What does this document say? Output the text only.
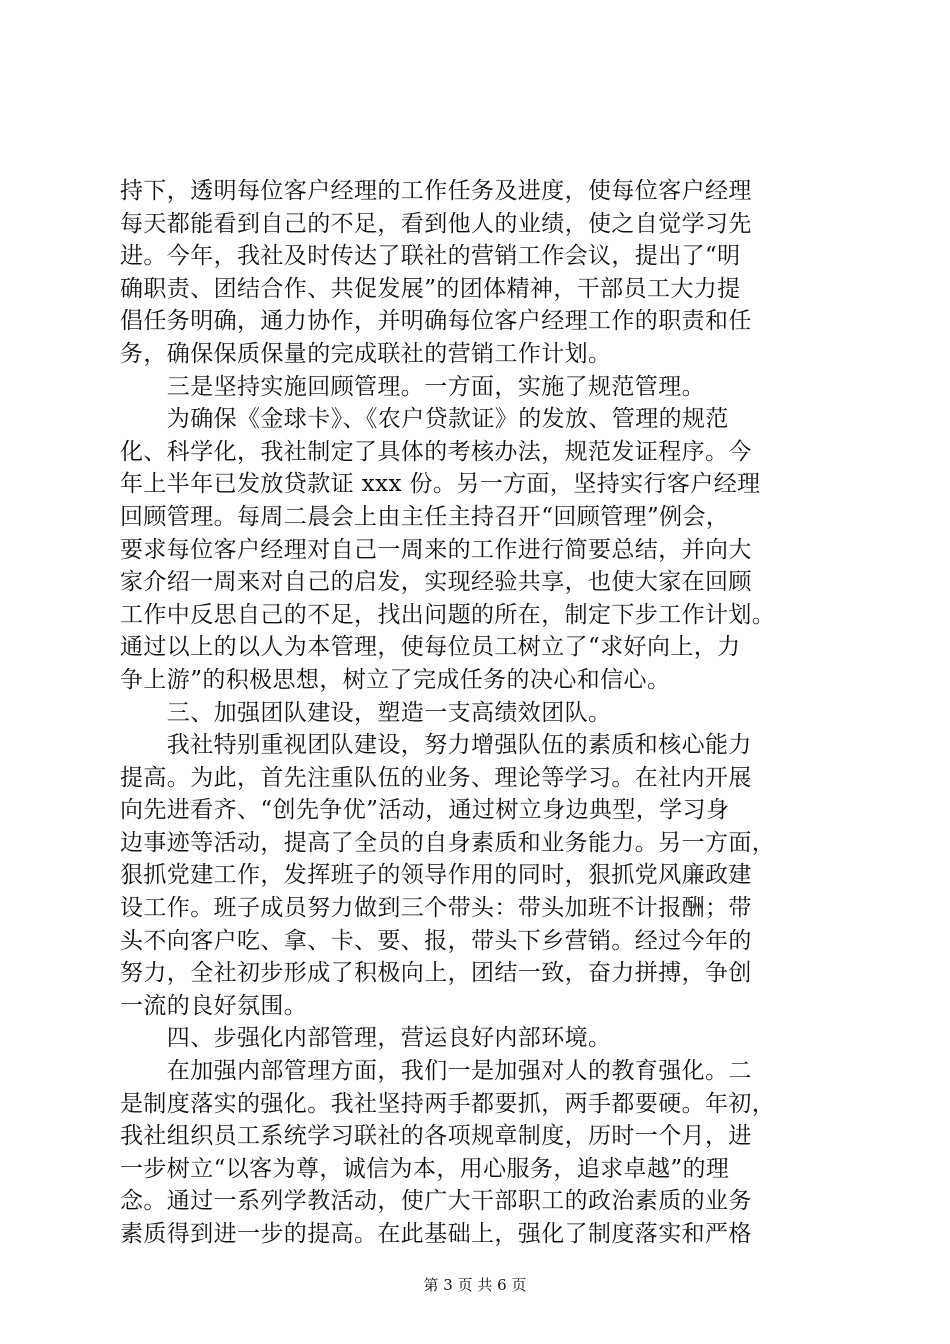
持下，透明每位客户经理的工作任务及进度，使每位客户经理
每天都能看到自己的不足，看到他人的业绩，使之自觉学习先
进。今年，我社及时传达了联社的营销工作会议，提出了“明
确职责、团结合作、共促发展”的团体精神，干部员工大力提
倡任务明确，通力协作，并明确每位客户经理工作的职责和任
务，确保保质保量的完成联社的营销工作计划。
　　三是坚持实施回顾管理。一方面，实施了规范管理。
　　为确保《金球卡》、《农户贷款证》的发放、管理的规范
化、科学化，我社制定了具体的考核办法，规范发证程序。今
年上半年已发放贷款证 xxx 份。另一方面，坚持实行客户经理
回顾管理。每周二晨会上由主任主持召开“回顾管理”例会，
要求每位客户经理对自己一周来的工作进行简要总结，并向大
家介绍一周来对自己的启发，实现经验共享，也使大家在回顾
工作中反思自己的不足，找出问题的所在，制定下步工作计划。
通过以上的以人为本管理，使每位员工树立了“求好向上，力
争上游”的积极思想，树立了完成任务的决心和信心。
　　三、加强团队建设，塑造一支高绩效团队。
　　我社特别重视团队建设，努力增强队伍的素质和核心能力
提高。为此，首先注重队伍的业务、理论等学习。在社内开展
向先进看齐、“创先争优”活动，通过树立身边典型，学习身
边事迹等活动，提高了全员的自身素质和业务能力。另一方面，
狠抓党建工作，发挥班子的领导作用的同时，狠抓党风廉政建
设工作。班子成员努力做到三个带头：带头加班不计报酬；带
头不向客户吃、拿、卡、要、报，带头下乡营销。经过今年的
努力，全社初步形成了积极向上，团结一致，奋力拼搏，争创
一流的良好氛围。
　　四、步强化内部管理，营运良好内部环境。
　　在加强内部管理方面，我们一是加强对人的教育强化。二
是制度落实的强化。我社坚持两手都要抓，两手都要硬。年初，
我社组织员工系统学习联社的各项规章制度，历时一个月，进
一步树立“以客为尊，诚信为本，用心服务，追求卓越”的理
念。通过一系列学教活动，使广大干部职工的政治素质的业务
素质得到进一步的提高。在此基础上，强化了制度落实和严格
第 3 页 共 6 页
